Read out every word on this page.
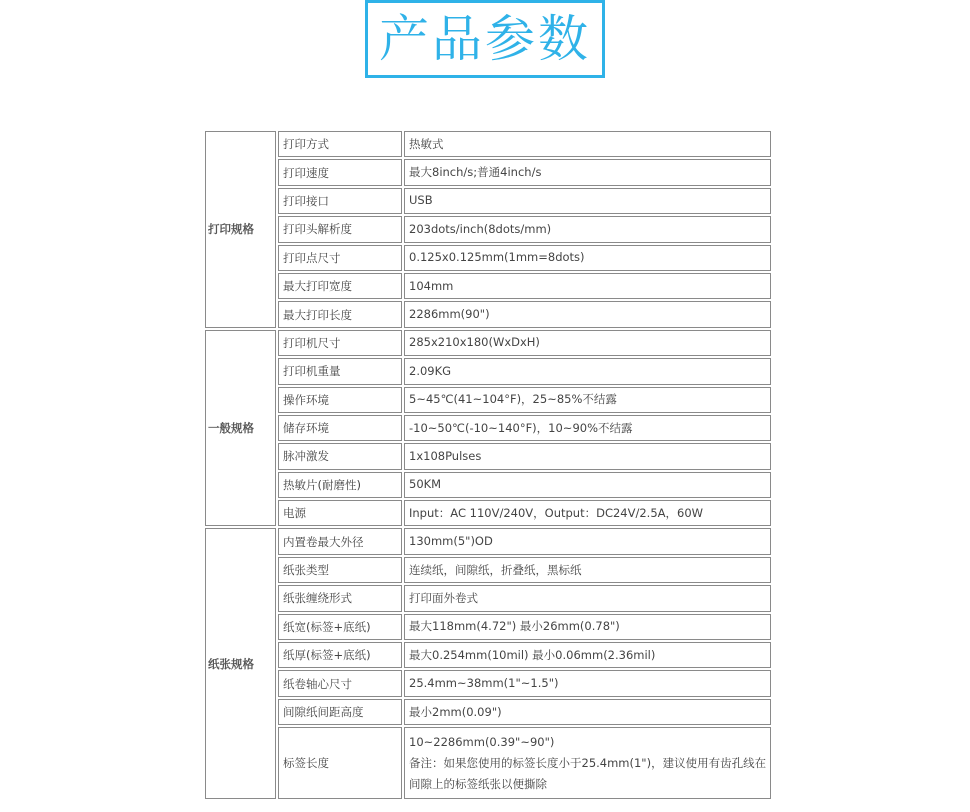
产品参数
打印规格	打印方式	热敏式

	打印速度	最大8inch/s;普通4inch/s

	打印接口	USB

	打印头解析度	203dots/inch(8dots/mm)

	打印点尺寸	0.125x0.125mm(1mm=8dots)

	最大打印宽度	104mm

	最大打印长度	2286mm(90")

一般规格	打印机尺寸	285x210x180(WxDxH)

	打印机重量	2.09KG

	操作环境	5~45℃(41~104°F)，25~85%不结露

	储存环境	-10~50℃(-10~140°F)，10~90%不结露

	脉冲激发	1x108Pulses

	热敏片(耐磨性)	50KM

	电源	Input：AC 110V/240V，Output：DC24V/2.5A，60W

纸张规格	内置卷最大外径	130mm(5")OD

	纸张类型	连续纸，间隙纸，折叠纸，黑标纸

	纸张缠绕形式	打印面外卷式

	纸宽(标签+底纸)	最大118mm(4.72") 最小26mm(0.78")

	纸厚(标签+底纸)	最大0.254mm(10mil) 最小0.06mm(2.36mil)

	纸卷轴心尺寸	25.4mm~38mm(1"~1.5")

	间隙纸间距高度	最小2mm(0.09")

	标签长度	10~2286mm(0.39"~90")
备注：如果您使用的标签长度小于25.4mm(1")，建议使用有齿孔线在
间隙上的标签纸张以便撕除
